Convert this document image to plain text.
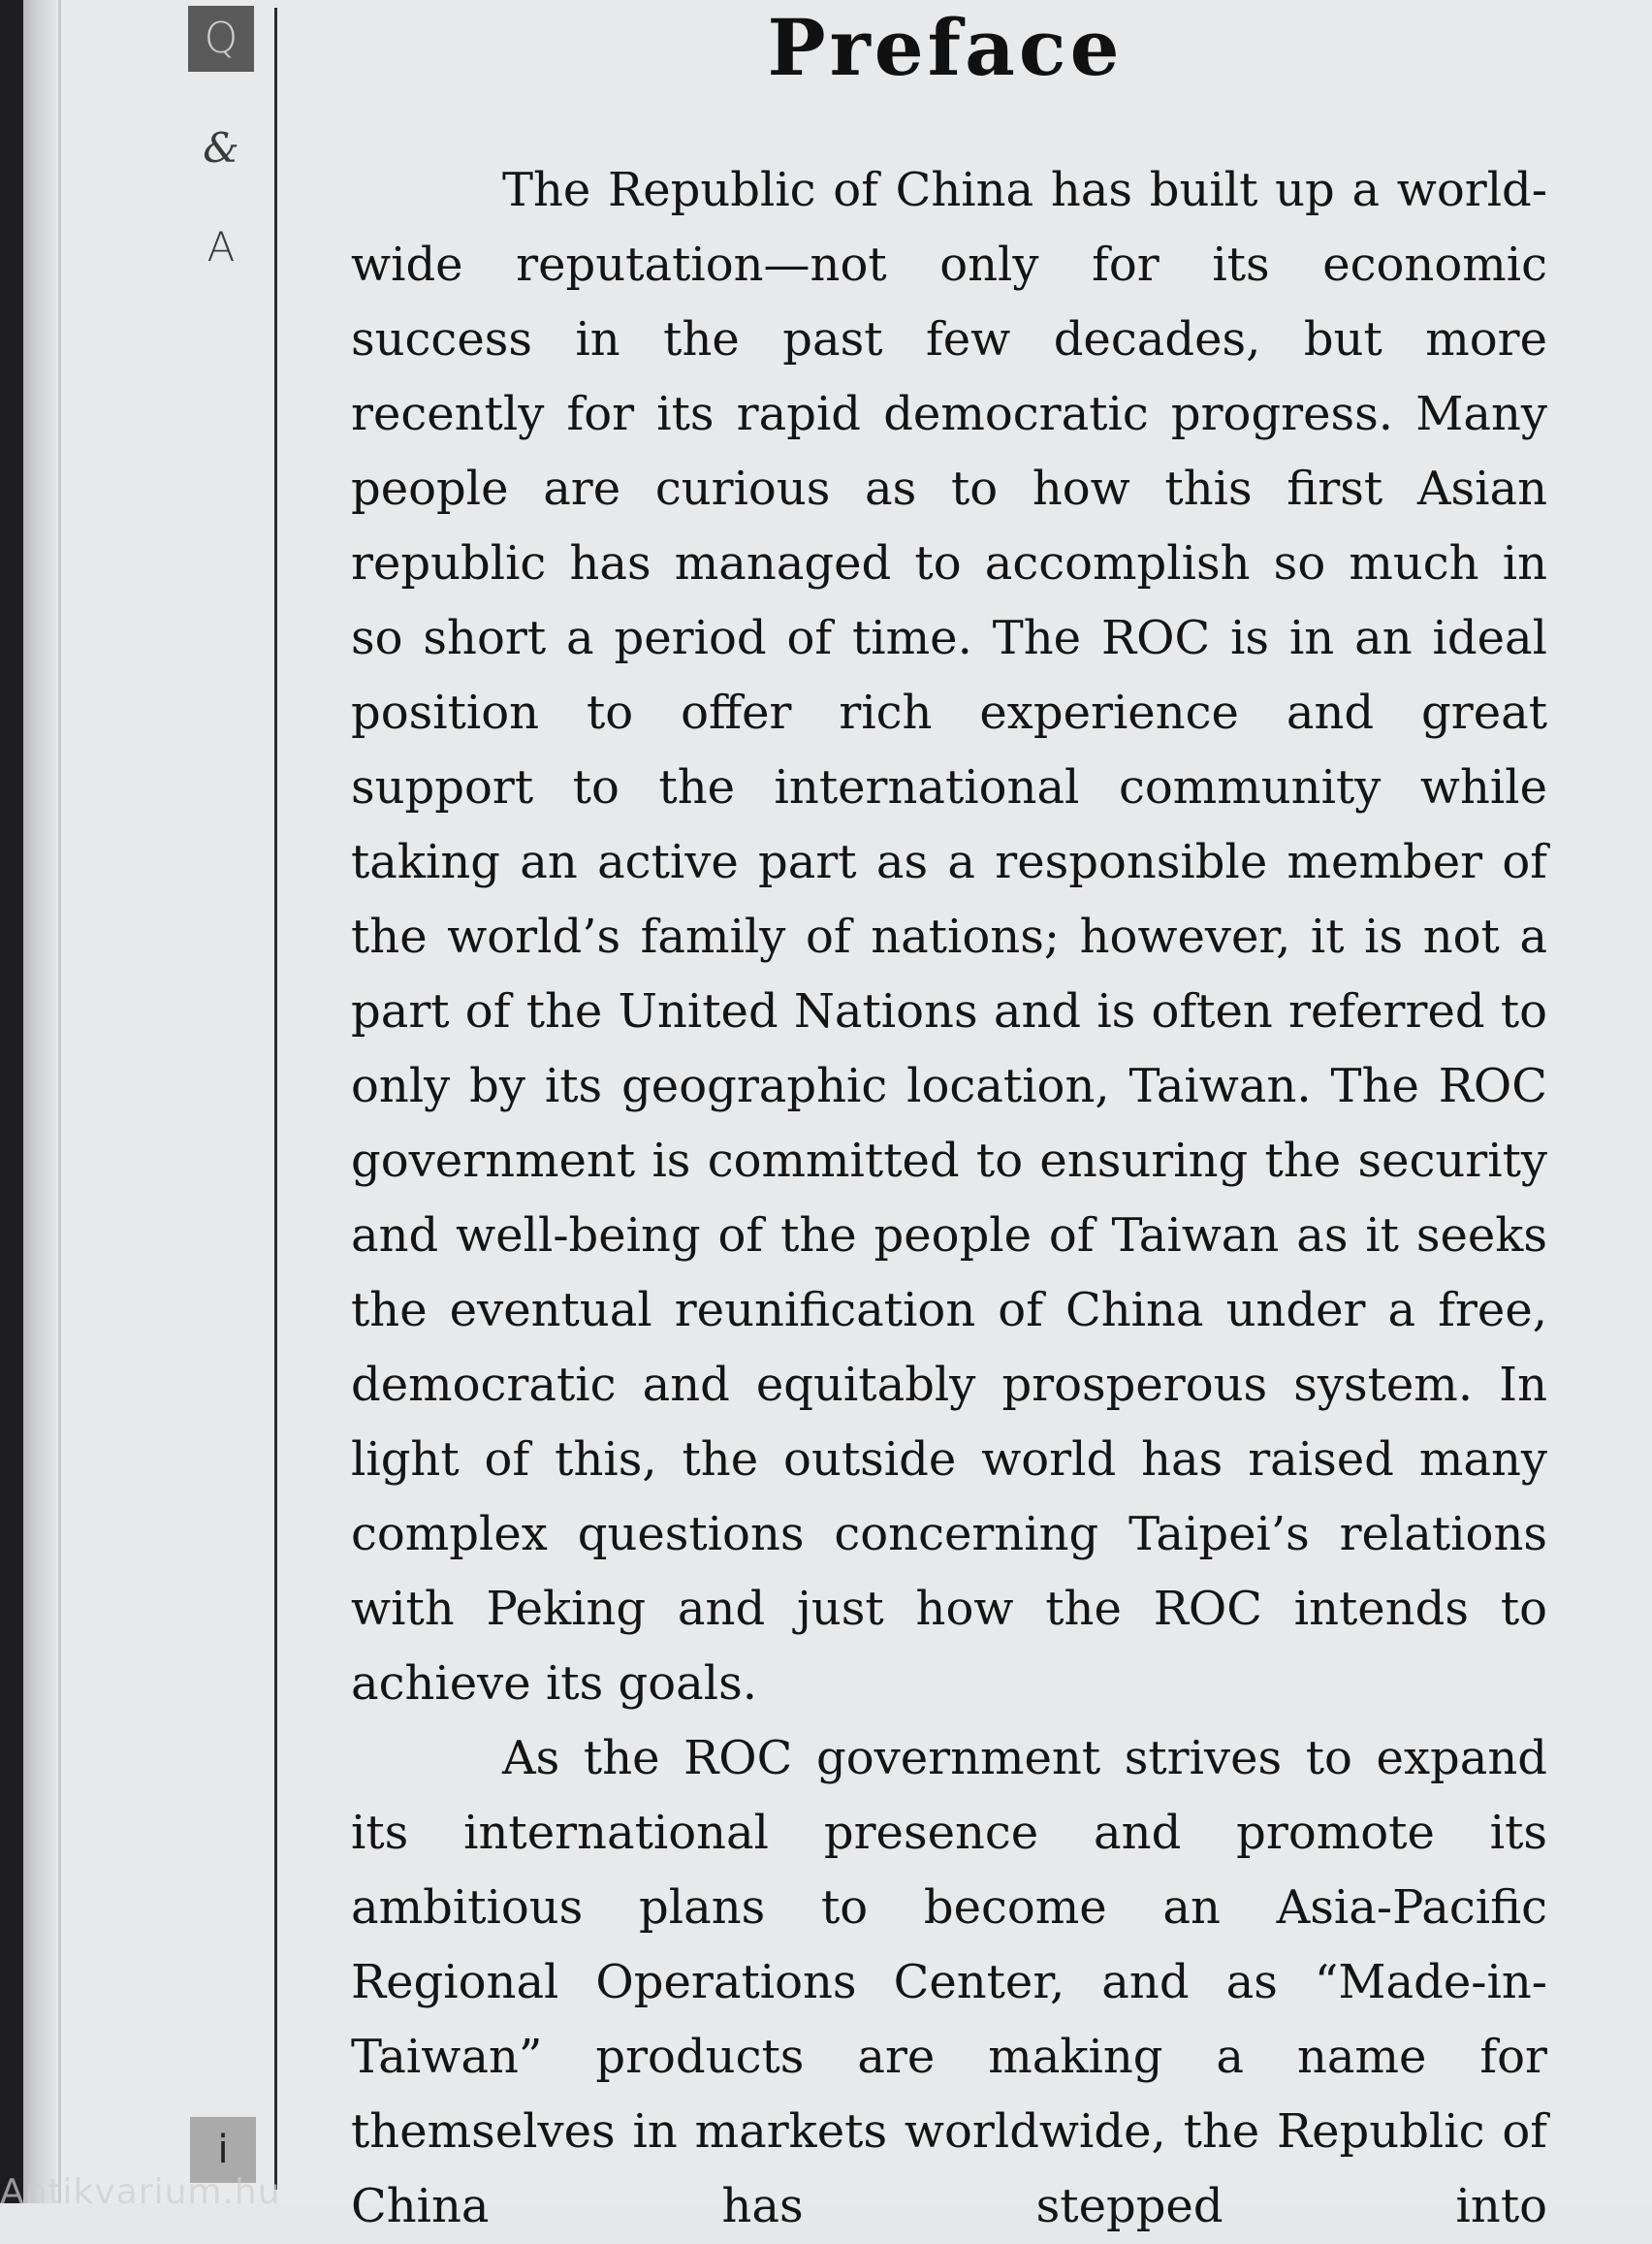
Q
&
A
i
Preface

The Republic of China has built up a world-wide reputation—not only for its economic success in the past few decades, but more recently for its rapid democratic progress. Many people are curious as to how this first Asian republic has managed to accomplish so much in so short a period of time. The ROC is in an ideal position to offer rich experience and great support to the international community while taking an active part as a responsible member of the world’s family of nations; however, it is not a part of the United Nations and is often referred to only by its geographic location, Taiwan. The ROC government is committed to ensuring the security and well-being of the people of Taiwan as it seeks the eventual reunification of China under a free, democratic and equitably prosperous system. In light of this, the outside world has raised many complex questions concerning Taipei’s relations with Peking and just how the ROC intends to achieve its goals.

As the ROC government strives to expand its international presence and promote its ambitious plans to become an Asia-Pacific Regional Operations Center, and as “Made-in-Taiwan” products are making a name for themselves in markets worldwide, the Republic of China has stepped into

Antikvarium.hu
